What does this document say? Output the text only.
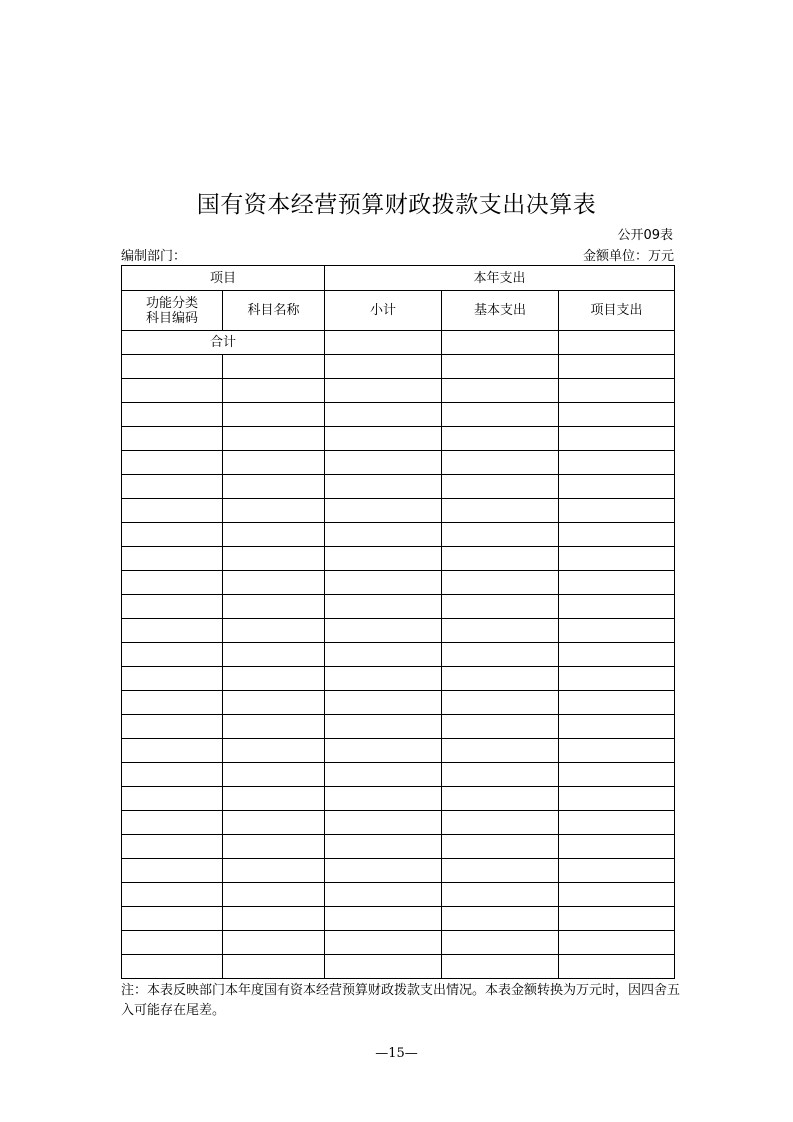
国有资本经营预算财政拨款支出决算表
公开09表
编制部门：	金额单位：万元
项目		本年支出		

功能分类
科目编码	科目名称	小计	基本支出	项目支出
合计				

注：本表反映部门本年度国有资本经营预算财政拨款支出情况。本表金额转换为万元时，因四舍五入可能存在尾差。
—15—
